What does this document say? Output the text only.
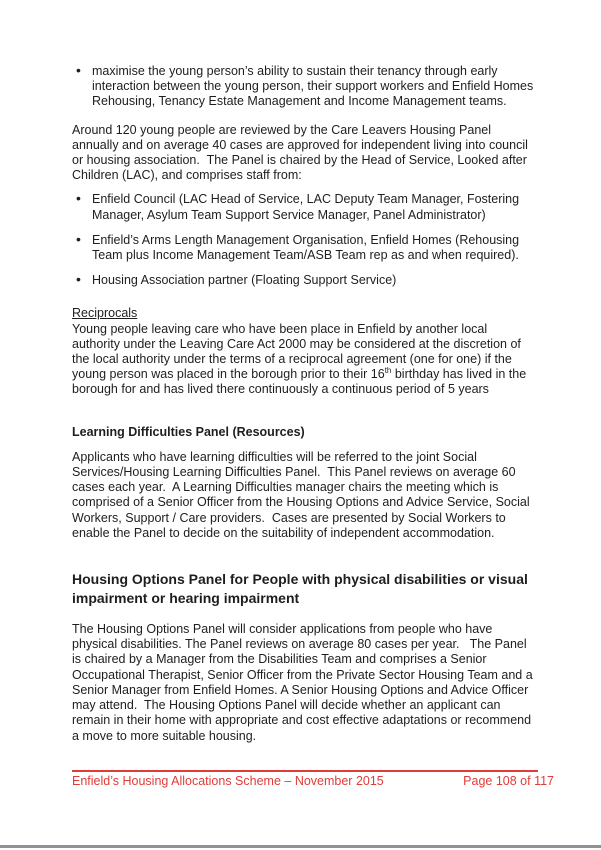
•
maximise the young person’s ability to sustain their tenancy through early interaction between the young person, their support workers and Enfield Homes Rehousing, Tenancy Estate Management and Income Management teams.

Around 120 young people are reviewed by the Care Leavers Housing Panel annually and on average 40 cases are approved for independent living into council or housing association.  The Panel is chaired by the Head of Service, Looked after Children (LAC), and comprises staff from:

•
Enfield Council (LAC Head of Service, LAC Deputy Team Manager, Fostering Manager, Asylum Team Support Service Manager, Panel Administrator)
•
Enfield’s Arms Length Management Organisation, Enfield Homes (Rehousing Team plus Income Management Team/ASB Team rep as and when required).
•
Housing Association partner (Floating Support Service)
Reciprocals

Young people leaving care who have been place in Enfield by another local authority under the Leaving Care Act 2000 may be considered at the discretion of the local authority under the terms of a reciprocal agreement (one for one) if the young person was placed in the borough prior to their 16th birthday has lived in the borough for and has lived there continuously a continuous period of 5 years

Learning Difficulties Panel (Resources)

Applicants who have learning difficulties will be referred to the joint Social Services/Housing Learning Difficulties Panel.  This Panel reviews on average 60 cases each year.  A Learning Difficulties manager chairs the meeting which is comprised of a Senior Officer from the Housing Options and Advice Service, Social Workers, Support / Care providers.  Cases are presented by Social Workers to enable the Panel to decide on the suitability of independent accommodation.

Housing Options Panel for People with physical disabilities or visual impairment or hearing impairment

The Housing Options Panel will consider applications from people who have physical disabilities. The Panel reviews on average 80 cases per year.   The Panel is chaired by a Manager from the Disabilities Team and comprises a Senior Occupational Therapist, Senior Officer from the Private Sector Housing Team and a Senior Manager from Enfield Homes. A Senior Housing Options and Advice Officer may attend.  The Housing Options Panel will decide whether an applicant can remain in their home with appropriate and cost effective adaptations or recommend a move to more suitable housing.

Enfield’s Housing Allocations Scheme – November 2015	Page 108 of 117
